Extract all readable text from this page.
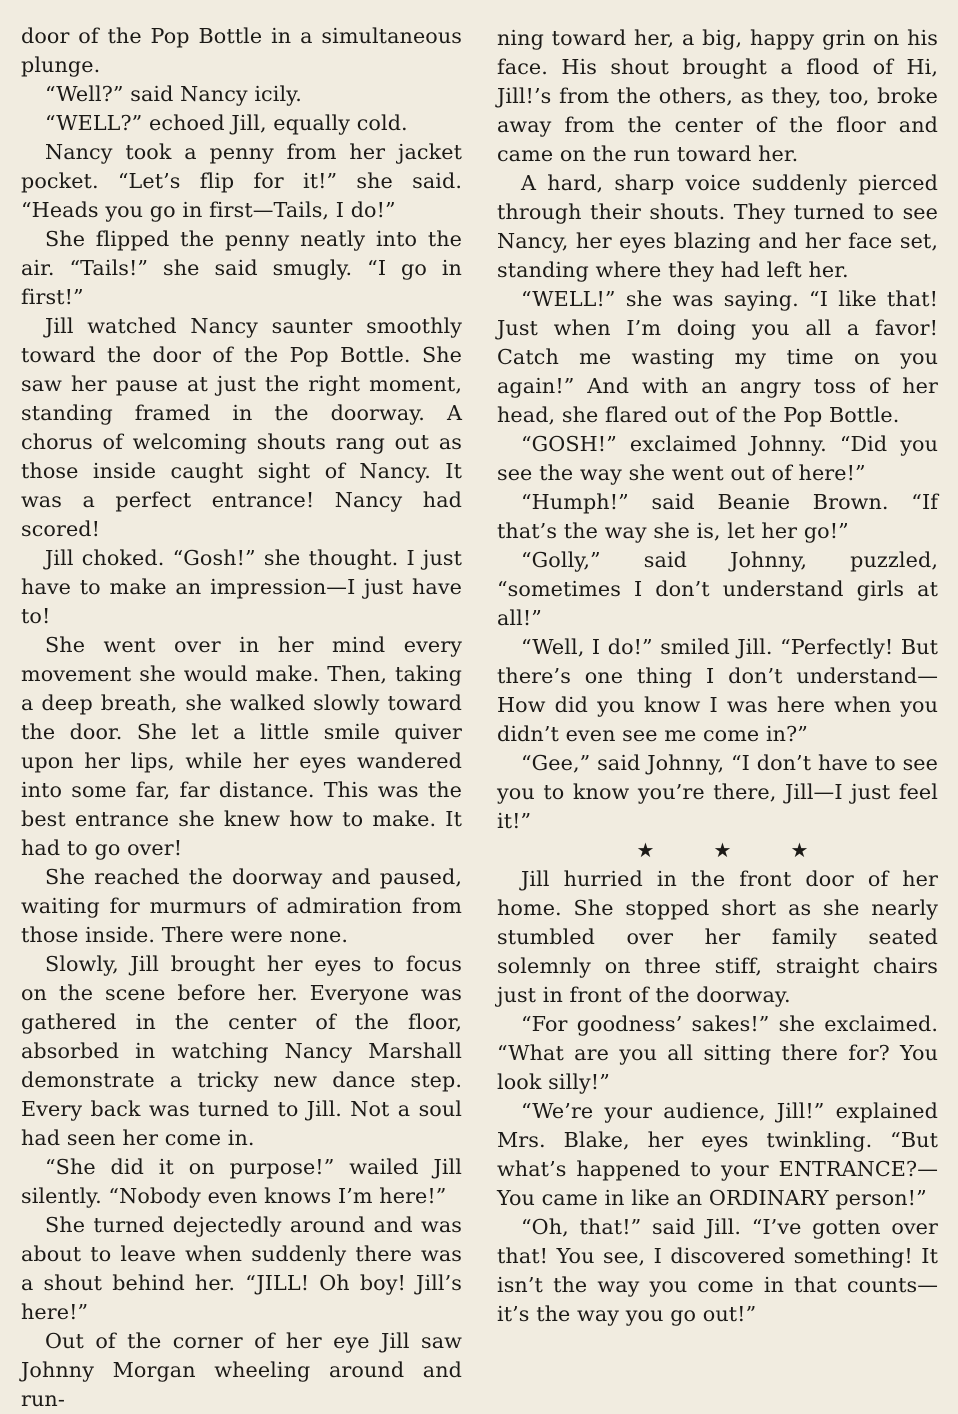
door of the Pop Bottle in a simultaneous plunge.

“Well?” said Nancy icily.

“WELL?” echoed Jill, equally cold.

Nancy took a penny from her jacket pocket. “Let’s flip for it!” she said. “Heads you go in first—Tails, I do!”

She flipped the penny neatly into the air. “Tails!” she said smugly. “I go in first!”

Jill watched Nancy saunter smoothly toward the door of the Pop Bottle. She saw her pause at just the right moment, standing framed in the doorway. A chorus of welcoming shouts rang out as those inside caught sight of Nancy. It was a perfect entrance! Nancy had scored!

Jill choked. “Gosh!” she thought. I just have to make an impression—I just have to!

She went over in her mind every movement she would make. Then, taking a deep breath, she walked slowly toward the door. She let a little smile quiver upon her lips, while her eyes wandered into some far, far distance. This was the best entrance she knew how to make. It had to go over!

She reached the doorway and paused, waiting for murmurs of admiration from those inside. There were none.

Slowly, Jill brought her eyes to focus on the scene before her. Everyone was gathered in the center of the floor, absorbed in watching Nancy Marshall demonstrate a tricky new dance step. Every back was turned to Jill. Not a soul had seen her come in.

“She did it on purpose!” wailed Jill silently. “Nobody even knows I’m here!”

She turned dejectedly around and was about to leave when suddenly there was a shout behind her. “JILL! Oh boy! Jill’s here!”

Out of the corner of her eye Jill saw Johnny Morgan wheeling around and run-

ning toward her, a big, happy grin on his face. His shout brought a flood of Hi, Jill!’s from the others, as they, too, broke away from the center of the floor and came on the run toward her.

A hard, sharp voice suddenly pierced through their shouts. They turned to see Nancy, her eyes blazing and her face set, standing where they had left her.

“WELL!” she was saying. “I like that! Just when I’m doing you all a favor! Catch me wasting my time on you again!” And with an angry toss of her head, she flared out of the Pop Bottle.

“GOSH!” exclaimed Johnny. “Did you see the way she went out of here!”

“Humph!” said Beanie Brown. “If that’s the way she is, let her go!”

“Golly,” said Johnny, puzzled, “sometimes I don’t understand girls at all!”

“Well, I do!” smiled Jill. “Perfectly! But there’s one thing I don’t understand—How did you know I was here when you didn’t even see me come in?”

“Gee,” said Johnny, “I don’t have to see you to know you’re there, Jill—I just feel it!”

★	★	★

Jill hurried in the front door of her home. She stopped short as she nearly stumbled over her family seated solemnly on three stiff, straight chairs just in front of the doorway.

“For goodness’ sakes!” she exclaimed. “What are you all sitting there for? You look silly!”

“We’re your audience, Jill!” explained Mrs. Blake, her eyes twinkling. “But what’s happened to your ENTRANCE?—You came in like an ORDINARY person!”

“Oh, that!” said Jill. “I’ve gotten over that! You see, I discovered something! It isn’t the way you come in that counts—it’s the way you go out!”
